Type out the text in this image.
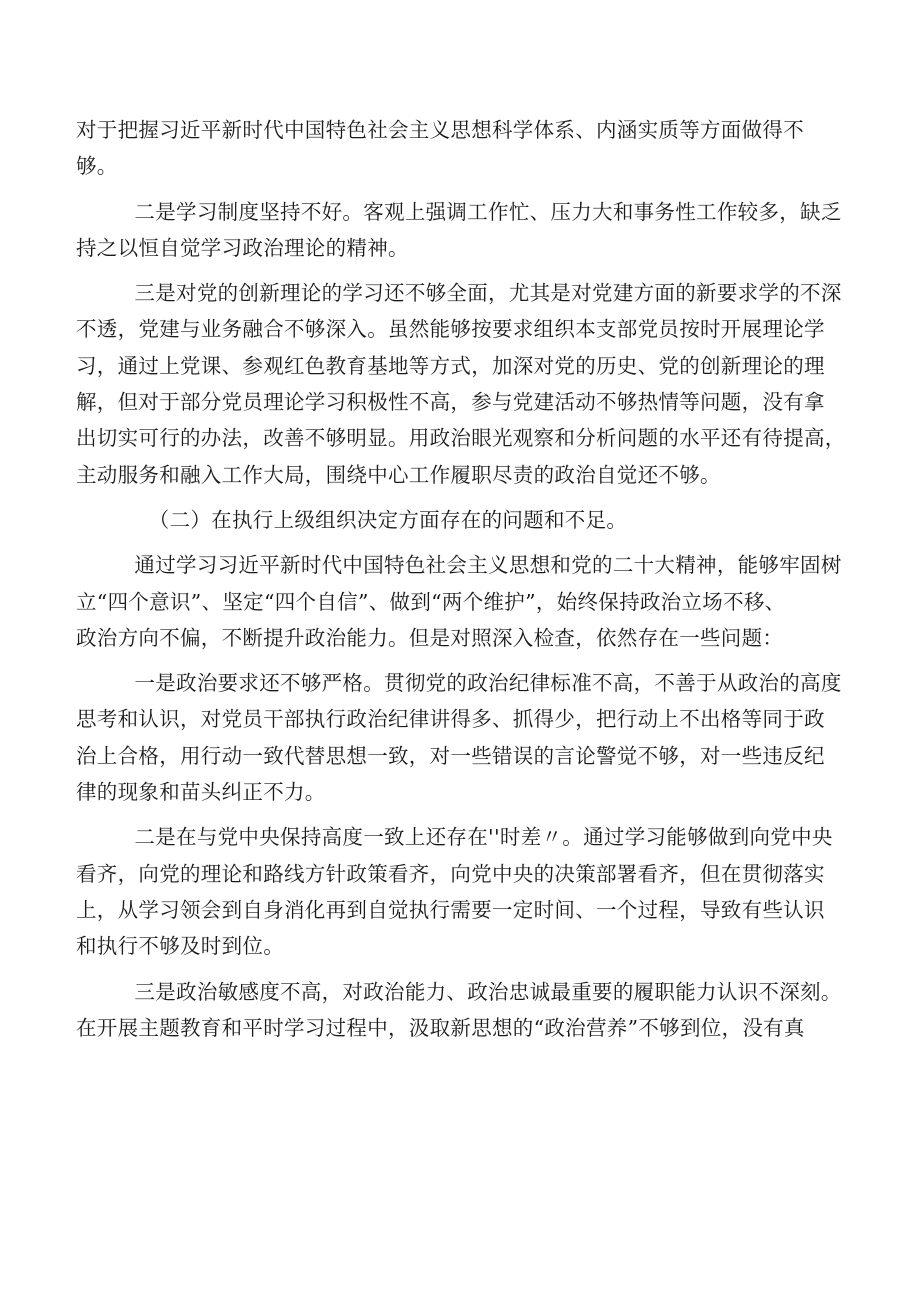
对于把握习近平新时代中国特色社会主义思想科学体系、内涵实质等方面做得不
够。

二是学习制度坚持不好。客观上强调工作忙、压力大和事务性工作较多，缺乏
持之以恒自觉学习政治理论的精神。

三是对党的创新理论的学习还不够全面，尤其是对党建方面的新要求学的不深
不透，党建与业务融合不够深入。虽然能够按要求组织本支部党员按时开展理论学
习，通过上党课、参观红色教育基地等方式，加深对党的历史、党的创新理论的理
解，但对于部分党员理论学习积极性不高，参与党建活动不够热情等问题，没有拿
出切实可行的办法，改善不够明显。用政治眼光观察和分析问题的水平还有待提高，
主动服务和融入工作大局，围绕中心工作履职尽责的政治自觉还不够。

（二）在执行上级组织决定方面存在的问题和不足。

通过学习习近平新时代中国特色社会主义思想和党的二十大精神，能够牢固树
立“四个意识”、坚定“四个自信”、做到“两个维护”，始终保持政治立场不移、
政治方向不偏，不断提升政治能力。但是对照深入检查，依然存在一些问题：

一是政治要求还不够严格。贯彻党的政治纪律标准不高，不善于从政治的高度
思考和认识，对党员干部执行政治纪律讲得多、抓得少，把行动上不出格等同于政
治上合格，用行动一致代替思想一致，对一些错误的言论警觉不够，对一些违反纪
律的现象和苗头纠正不力。

二是在与党中央保持高度一致上还存在''时差〃。通过学习能够做到向党中央
看齐，向党的理论和路线方针政策看齐，向党中央的决策部署看齐，但在贯彻落实
上，从学习领会到自身消化再到自觉执行需要一定时间、一个过程，导致有些认识
和执行不够及时到位。

三是政治敏感度不高，对政治能力、政治忠诚最重要的履职能力认识不深刻。
在开展主题教育和平时学习过程中，汲取新思想的“政治营养”不够到位，没有真
